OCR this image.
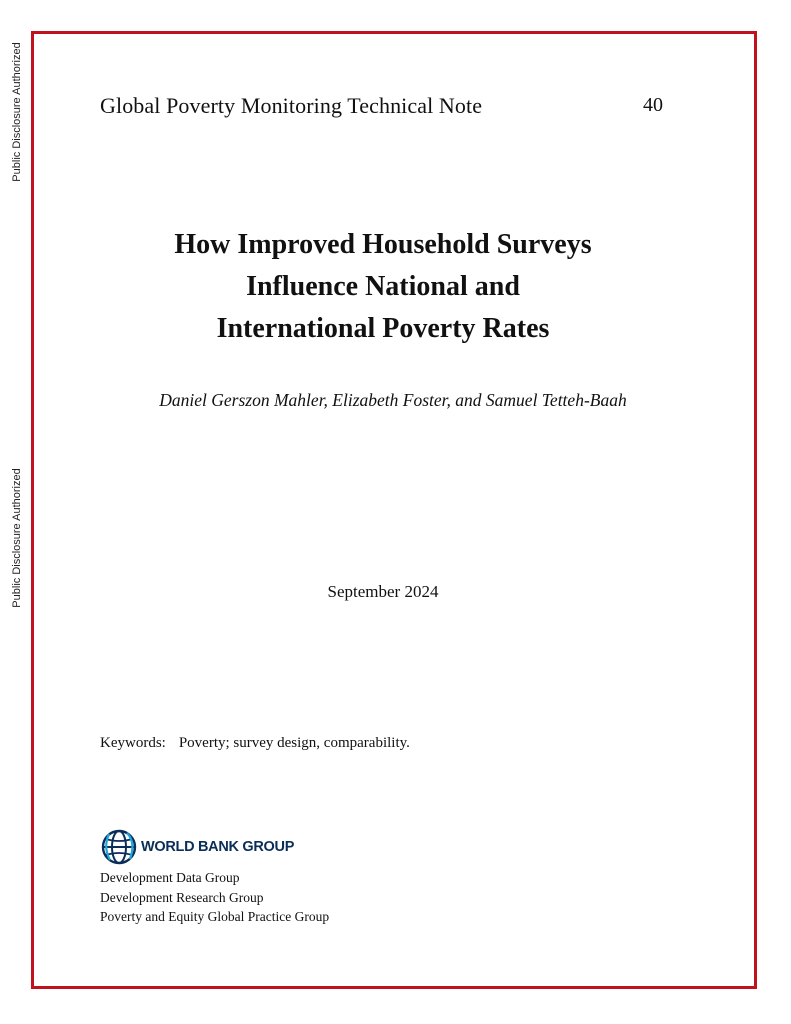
Public Disclosure Authorized
Public Disclosure Authorized
Global Poverty Monitoring Technical Note	40
How Improved Household Surveys
Influence National and
International Poverty Rates
Daniel Gerszon Mahler, Elizabeth Foster, and Samuel Tetteh-Baah
September 2024
Keywords: Poverty; survey design, comparability.
WORLD BANK GROUP
Development Data Group
Development Research Group
Poverty and Equity Global Practice Group
